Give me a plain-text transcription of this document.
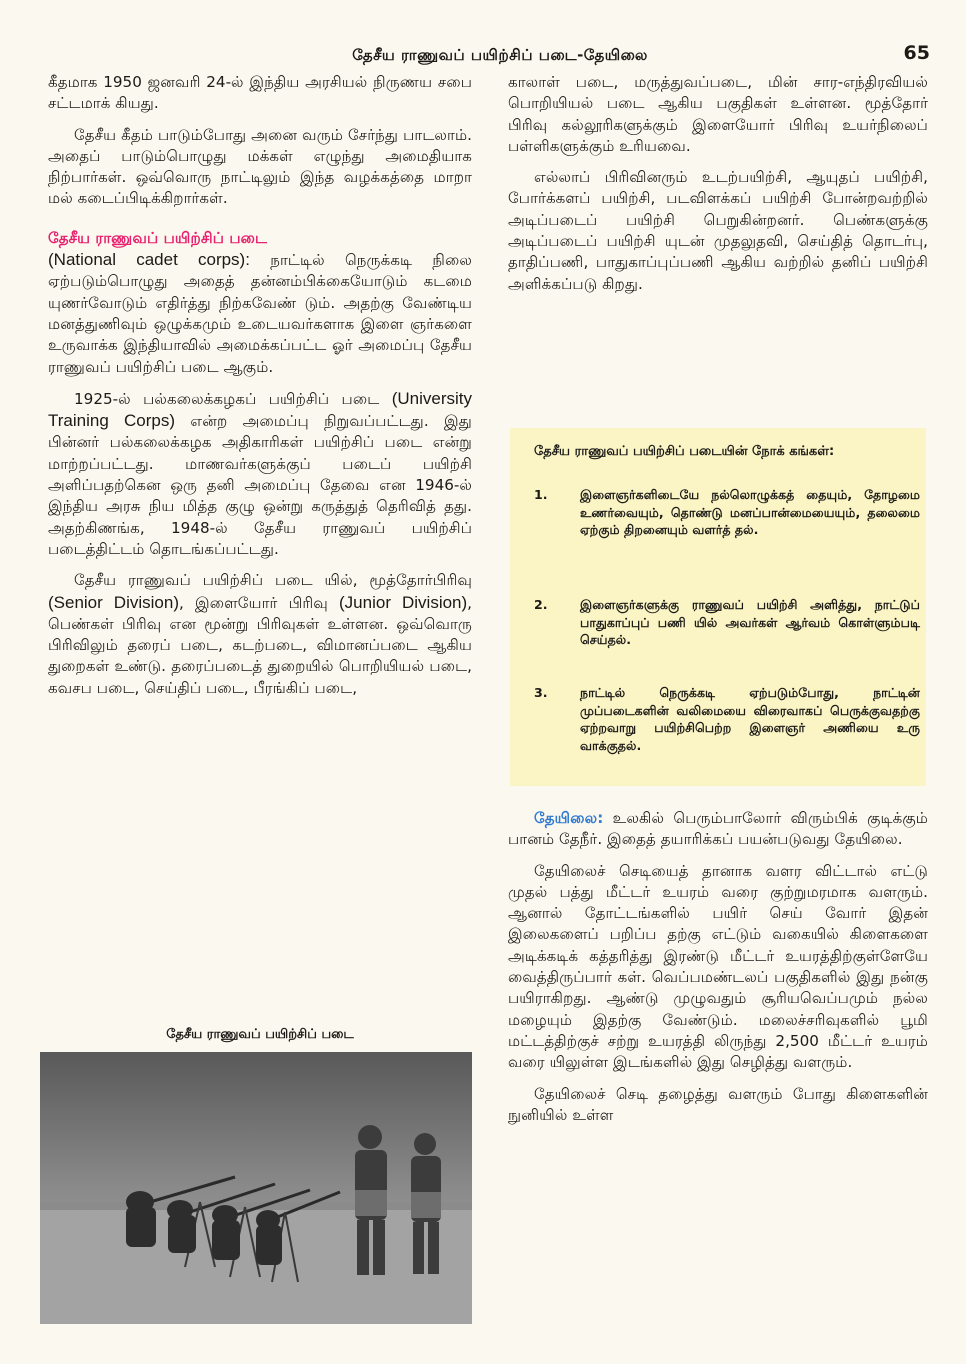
தேசீய ராணுவப் பயிற்சிப் படை-தேயிலை	65

கீதமாக 1950 ஜனவரி 24-ல் இந்திய அரசியல் நிருணய சபை சட்டமாக் கியது.

தேசீய கீதம் பாடும்போது அனை வரும் சேர்ந்து பாடலாம். அதைப் பாடும்பொழுது மக்கள் எழுந்து அமைதியாக நிற்பார்கள். ஒவ்வொரு நாட்டிலும் இந்த வழக்கத்தை மாறா மல் கடைப்பிடிக்கிறார்கள்.

தேசீய ராணுவப் பயிற்சிப் படை
(National cadet corps): நாட்டில் நெருக்கடி நிலை ஏற்படும்பொழுது அதைத் தன்னம்பிக்கையோடும் கடமை யுணர்வோடும் எதிர்த்து நிற்கவேண் டும். அதற்கு வேண்டிய மனத்துணிவும் ஒழுக்கமும் உடையவர்களாக இளை ஞர்களை உருவாக்க இந்தியாவில் அமைக்கப்பட்ட ஓர் அமைப்பு தேசீய ராணுவப் பயிற்சிப் படை ஆகும்.

1925-ல் பல்கலைக்கழகப் பயிற்சிப் படை (University Training Corps) என்ற அமைப்பு நிறுவப்பட்டது. இது பின்னர் பல்கலைக்கழக அதிகாரிகள் பயிற்சிப் படை என்று மாற்றப்பட்டது. மாணவர்களுக்குப் படைப் பயிற்சி அளிப்பதற்கென ஒரு தனி அமைப்பு தேவை என 1946-ல் இந்திய அரசு நிய மித்த குழு ஒன்று கருத்துத் தெரிவித் தது. அதற்கிணங்க, 1948-ல் தேசீய ராணுவப் பயிற்சிப் படைத்திட்டம் தொடங்கப்பட்டது.

தேசீய ராணுவப் பயிற்சிப் படை யில், மூத்தோர்பிரிவு (Senior Division), இளையோர் பிரிவு (Junior Division), பெண்கள் பிரிவு என மூன்று பிரிவுகள் உள்ளன. ஒவ்வொரு பிரிவிலும் தரைப் படை, கடற்படை, விமானப்படை ஆகிய துறைகள் உண்டு. தரைப்படைத் துறையில் பொறியியல் படை, கவசப படை, செய்திப் படை, பீரங்கிப் படை,

தேசீய ராணுவப் பயிற்சிப் படை

காலாள் படை, மருத்துவப்படை, மின் சார-எந்திரவியல் பொறியியல் படை ஆகிய பகுதிகள் உள்ளன. மூத்தோர் பிரிவு கல்லூரிகளுக்கும் இளையோர் பிரிவு உயர்நிலைப் பள்ளிகளுக்கும் உரியவை.

எல்லாப் பிரிவினரும் உடற்பயிற்சி, ஆயுதப் பயிற்சி, போர்க்களப் பயிற்சி, படவிளக்கப் பயிற்சி போன்றவற்றில் அடிப்படைப் பயிற்சி பெறுகின்றனர். பெண்களுக்கு அடிப்படைப் பயிற்சி யுடன் முதலுதவி, செய்தித் தொடர்பு, தாதிப்பணி, பாதுகாப்புப்பணி ஆகிய வற்றில் தனிப் பயிற்சி அளிக்கப்படு கிறது.

தேசீய ராணுவப் பயிற்சிப் படையின் நோக் கங்கள்:
1.	இளைஞர்களிடையே நல்லொழுக்கத் தையும், தோழமை உணர்வையும், தொண்டு மனப்பான்மையையும், தலைமை ஏற்கும் திறனையும் வளர்த் தல்.
2.	இளைஞர்களுக்கு ராணுவப் பயிற்சி அளித்து, நாட்டுப் பாதுகாப்புப் பணி யில் அவர்கள் ஆர்வம் கொள்ளும்படி செய்தல்.
3.	நாட்டில் நெருக்கடி ஏற்படும்போது, நாட்டின் முப்படைகளின் வலிமையை விரைவாகப் பெருக்குவதற்கு ஏற்றவாறு பயிற்சிபெற்ற இளைஞர் அணியை உரு வாக்குதல்.

தேயிலை: உலகில் பெரும்பாலோர் விரும்பிக் குடிக்கும் பானம் தேநீர். இதைத் தயாரிக்கப் பயன்படுவது தேயிலை.

தேயிலைச் செடியைத் தானாக வளர விட்டால் எட்டு முதல் பத்து மீட்டர் உயரம் வரை குற்றுமரமாக வளரும். ஆனால் தோட்டங்களில் பயிர் செய் வோர் இதன் இலைகளைப் பறிப்ப தற்கு எட்டும் வகையில் கிளைகளை அடிக்கடிக் கத்தரித்து இரண்டு மீட்டர் உயரத்திற்குள்ளேயே வைத்திருப்பார் கள். வெப்பமண்டலப் பகுதிகளில் இது நன்கு பயிராகிறது. ஆண்டு முழுவதும் சூரியவெப்பமும் நல்ல மழையும் இதற்கு வேண்டும். மலைச்சரிவுகளில் பூமி மட்டத்திற்குச் சற்று உயரத்தி லிருந்து 2,500 மீட்டர் உயரம் வரை யிலுள்ள இடங்களில் இது செழித்து வளரும்.

தேயிலைச் செடி தழைத்து வளரும் போது கிளைகளின் நுனியில் உள்ள
